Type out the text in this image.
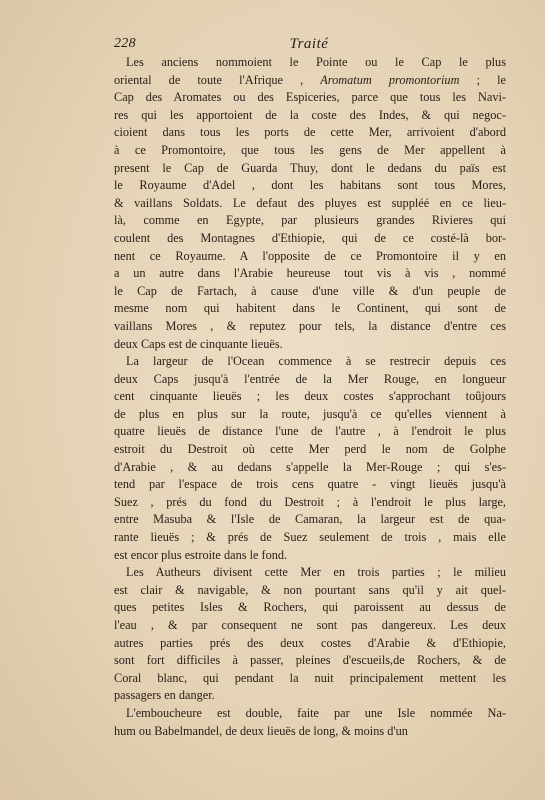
228	Traité

Les anciens nommoient le Pointe ou le Cap le plus

oriental de toute l'Afrique , Aromatum promontorium ; le

Cap des Aromates ou des Espiceries, parce que tous les Navi-

res qui les apportoient de la coste des Indes, & qui negoc-

cioient dans tous les ports de cette Mer, arrivoient d'abord

à ce Promontoire, que tous les gens de Mer appellent à

present le Cap de Guarda Thuy, dont le dedans du païs est

le Royaume d'Adel , dont les habitans sont tous Mores,

& vaillans Soldats. Le defaut des pluyes est suppléé en ce lieu-

là, comme en Egypte, par plusieurs grandes Rivieres qui

coulent des Montagnes d'Ethiopie, qui de ce costé-là bor-

nent ce Royaume. A l'opposite de ce Promontoire il y en

a un autre dans l'Arabie heureuse tout vis à vis , nommé

le Cap de Fartach, à cause d'une ville & d'un peuple de

mesme nom qui habitent dans le Continent, qui sont de

vaillans Mores , & reputez pour tels, la distance d'entre ces

deux Caps est de cinquante lieuës.

La largeur de l'Ocean commence à se restrecir depuis ces

deux Caps jusqu'à l'entrée de la Mer Rouge, en longueur

cent cinquante lieuës ; les deux costes s'approchant toûjours

de plus en plus sur la route, jusqu'à ce qu'elles viennent à

quatre lieuës de distance l'une de l'autre , à l'endroit le plus

estroit du Destroit où cette Mer perd le nom de Golphe

d'Arabie , & au dedans s'appelle la Mer-Rouge ; qui s'es-

tend par l'espace de trois cens quatre - vingt lieuës jusqu'à

Suez , prés du fond du Destroit ; à l'endroit le plus large,

entre Masuba & l'Isle de Camaran, la largeur est de qua-

rante lieuës ; & prés de Suez seulement de trois , mais elle

est encor plus estroite dans le fond.

Les Autheurs divisent cette Mer en trois parties ; le milieu

est clair & navigable, & non pourtant sans qu'il y ait quel-

ques petites Isles & Rochers, qui paroissent au dessus de

l'eau , & par consequent ne sont pas dangereux. Les deux

autres parties prés des deux costes d'Arabie & d'Ethiopie,

sont fort difficiles à passer, pleines d'escueils,de Rochers, & de

Coral blanc, qui pendant la nuit principalement mettent les

passagers en danger.

L'emboucheure est double, faite par une Isle nommée Na-

hum ou Babelmandel, de deux lieuës de long, & moins d'un
